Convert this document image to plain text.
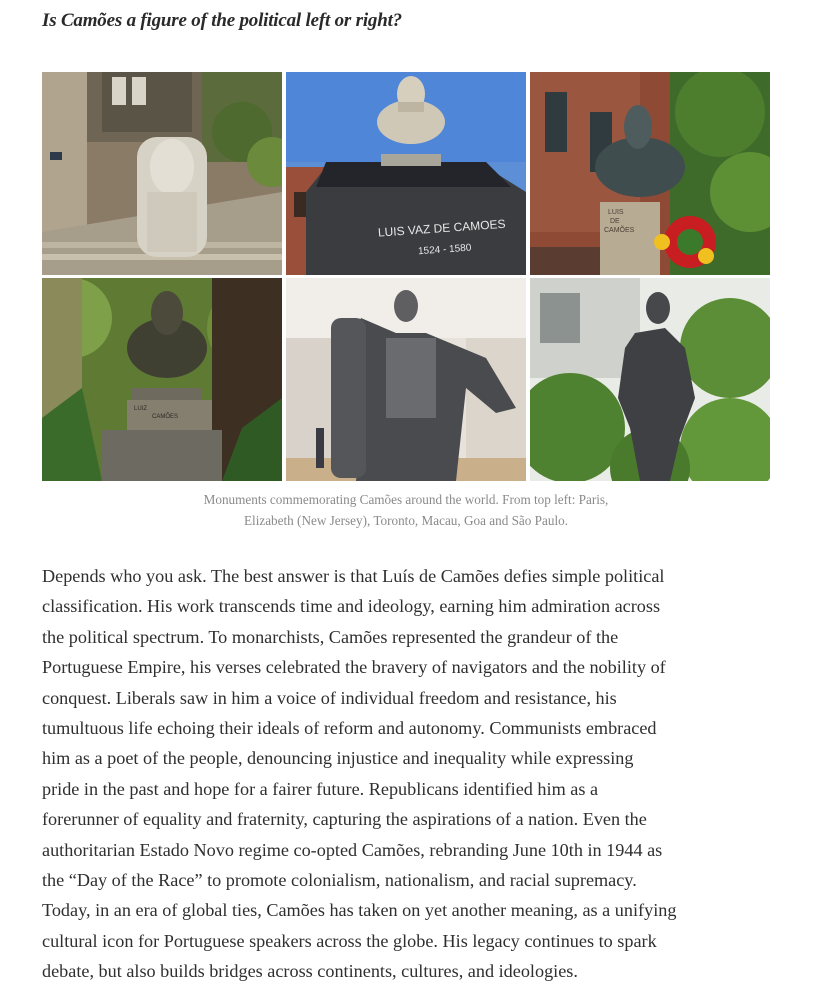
Is Camões a figure of the political left or right?
LUIS VAZ DE CAMOES
1524 - 1580
LUIS
DE
CAMÕES
LUIZ
CAMÕES
Monuments commemorating Camões around the world. From top left: Paris,
Elizabeth (New Jersey), Toronto, Macau, Goa and São Paulo.
Depends who you ask. The best answer is that Luís de Camões defies simple political
classification. His work transcends time and ideology, earning him admiration across
the political spectrum. To monarchists, Camões represented the grandeur of the
Portuguese Empire, his verses celebrated the bravery of navigators and the nobility of
conquest. Liberals saw in him a voice of individual freedom and resistance, his
tumultuous life echoing their ideals of reform and autonomy. Communists embraced
him as a poet of the people, denouncing injustice and inequality while expressing
pride in the past and hope for a fairer future. Republicans identified him as a
forerunner of equality and fraternity, capturing the aspirations of a nation. Even the
authoritarian Estado Novo regime co-opted Camões, rebranding June 10th in 1944 as
the “Day of the Race” to promote colonialism, nationalism, and racial supremacy.
Today, in an era of global ties, Camões has taken on yet another meaning, as a unifying
cultural icon for Portuguese speakers across the globe. His legacy continues to spark
debate, but also builds bridges across continents, cultures, and ideologies.
